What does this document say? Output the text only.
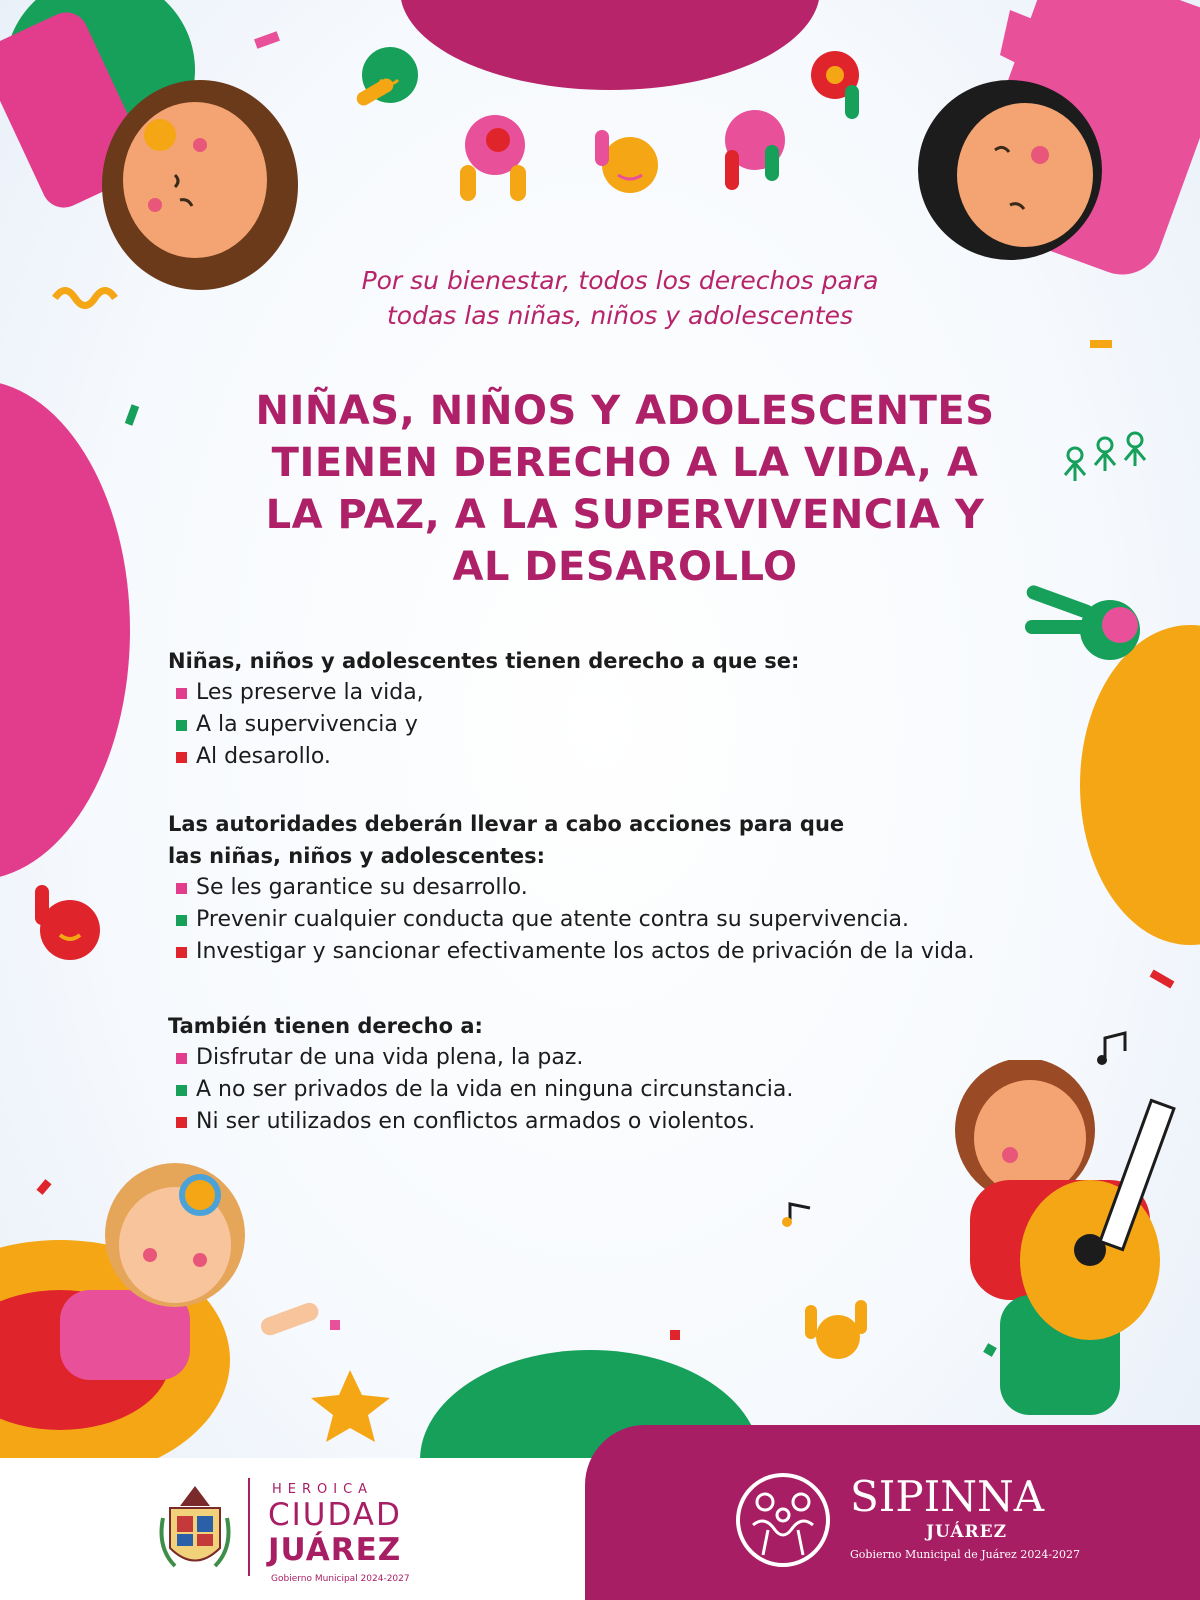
Por su bienestar, todos los derechos para
todas las niñas, niños y adolescentes
NIÑAS, NIÑOS Y ADOLESCENTES
TIENEN DERECHO A LA VIDA, A
LA PAZ, A LA SUPERVIVENCIA Y
AL DESAROLLO
Niñas, niños y adolescentes tienen derecho a que se:
Les preserve la vida,
A la supervivencia y
Al desarollo.
Las autoridades deberán llevar a cabo acciones para que
las niñas, niños y adolescentes:
Se les garantice su desarrollo.
Prevenir cualquier conducta que atente contra su supervivencia.
Investigar y sancionar efectivamente los actos de privación de la vida.
También tienen derecho a:
Disfrutar de una vida plena, la paz.
A no ser privados de la vida en ninguna circunstancia.
Ni ser utilizados en conflictos armados o violentos.
HEROICA
CIUDAD
JUÁREZ
Gobierno Municipal 2024-2027
SIPINNA
JUÁREZ
Gobierno Municipal de Juárez 2024-2027
